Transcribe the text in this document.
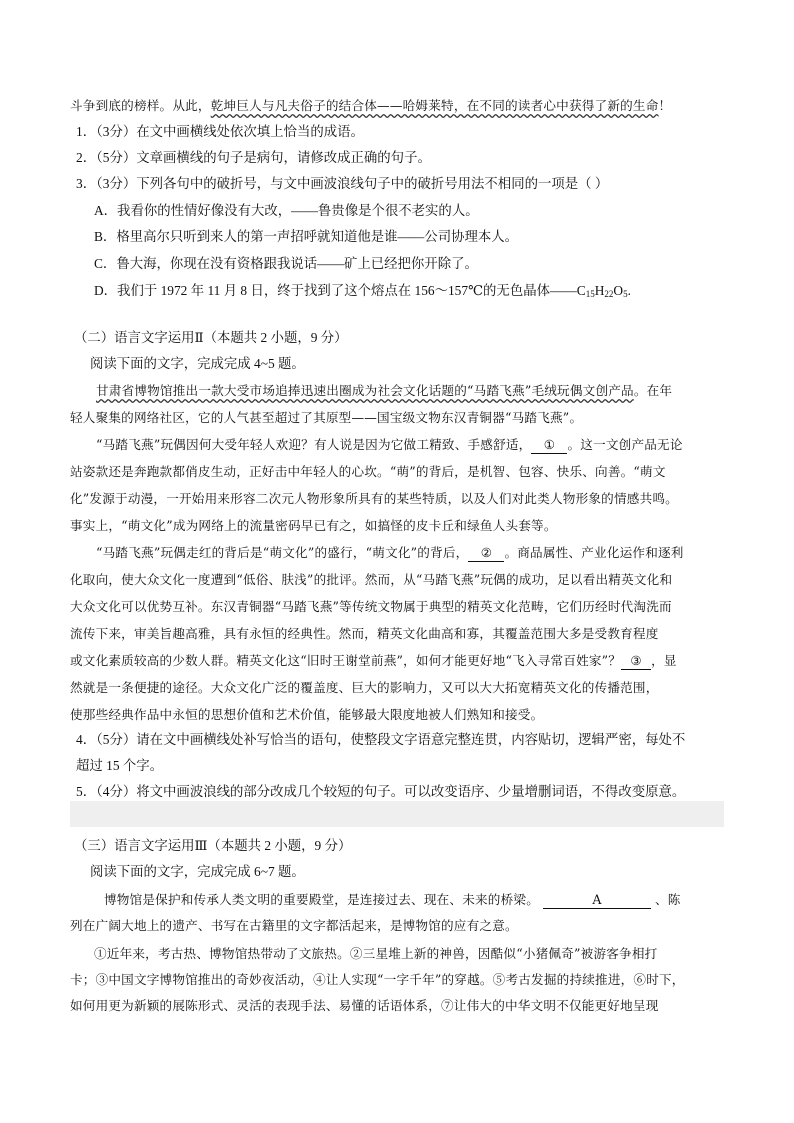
斗争到底的榜样。从此，乾坤巨人与凡夫俗子的结合体——哈姆莱特，在不同的读者心中获得了新的生命！
1．（3分）在文中画横线处依次填上恰当的成语。
2．（5分）文章画横线的句子是病句，请修改成正确的句子。
3．（3分）下列各句中的破折号，与文中画波浪线句子中的破折号用法不相同的一项是（ ）
A．我看你的性情好像没有大改，——鲁贵像是个很不老实的人。
B．格里高尔只听到来人的第一声招呼就知道他是谁——公司协理本人。
C．鲁大海，你现在没有资格跟我说话——矿上已经把你开除了。
D．我们于 1972 年 11 月 8 日，终于找到了这个熔点在 156～157℃的无色晶体$——C_{15}H_{22}O_5$.
（二）语言文字运用Ⅱ（本题共 2 小题，9 分）
阅读下面的文字，完成完成 4~5 题。
甘肃省博物馆推出一款大受市场追捧迅速出圈成为社会文化话题的“马踏飞燕”毛绒玩偶文创产品。在年
轻人聚集的网络社区，它的人气甚至超过了其原型——国宝级文物东汉青铜器“马踏飞燕”。
“马踏飞燕”玩偶因何大受年轻人欢迎？有人说是因为它做工精致、手感舒适， ① 。这一文创产品无论
站姿款还是奔跑款都俏皮生动，正好击中年轻人的心坎。“萌”的背后，是机智、包容、快乐、向善。“萌文
化”发源于动漫，一开始用来形容二次元人物形象所具有的某些特质，以及人们对此类人物形象的情感共鸣。
事实上，“萌文化”成为网络上的流量密码早已有之，如搞怪的皮卡丘和绿鱼人头套等。
“马踏飞燕”玩偶走红的背后是“萌文化”的盛行，“萌文化”的背后， ② 。商品属性、产业化运作和逐利
化取向，使大众文化一度遭到“低俗、肤浅”的批评。然而，从“马踏飞燕”玩偶的成功，足以看出精英文化和
大众文化可以优势互补。东汉青铜器“马踏飞燕”等传统文物属于典型的精英文化范畴，它们历经时代淘洗而
流传下来，审美旨趣高雅，具有永恒的经典性。然而，精英文化曲高和寡，其覆盖范围大多是受教育程度
或文化素质较高的少数人群。精英文化这“旧时王谢堂前燕”，如何才能更好地“飞入寻常百姓家”？ ③ ，显
然就是一条便捷的途径。大众文化广泛的覆盖度、巨大的影响力，又可以大大拓宽精英文化的传播范围，
使那些经典作品中永恒的思想价值和艺术价值，能够最大限度地被人们熟知和接受。
4．（5分）请在文中画横线处补写恰当的语句，使整段文字语意完整连贯，内容贴切，逻辑严密，每处不
超过 15 个字。
5．（4分）将文中画波浪线的部分改成几个较短的句子。可以改变语序、少量增删词语，不得改变原意。
（三）语言文字运用Ⅲ（本题共 2 小题，9 分）
阅读下面的文字，完成完成 6~7 题。
博物馆是保护和传承人类文明的重要殿堂，是连接过去、现在、未来的桥梁。	A	、陈
列在广阔大地上的遗产、书写在古籍里的文字都活起来，是博物馆的应有之意。
①近年来，考古热、博物馆热带动了文旅热。②三星堆上新的神兽，因酷似“小猪佩奇”被游客争相打
卡；③中国文字博物馆推出的奇妙夜活动，④让人实现“一字千年”的穿越。⑤考古发掘的持续推进，⑥时下，
如何用更为新颖的展陈形式、灵活的表现手法、易懂的话语体系，⑦让伟大的中华文明不仅能更好地呈现
